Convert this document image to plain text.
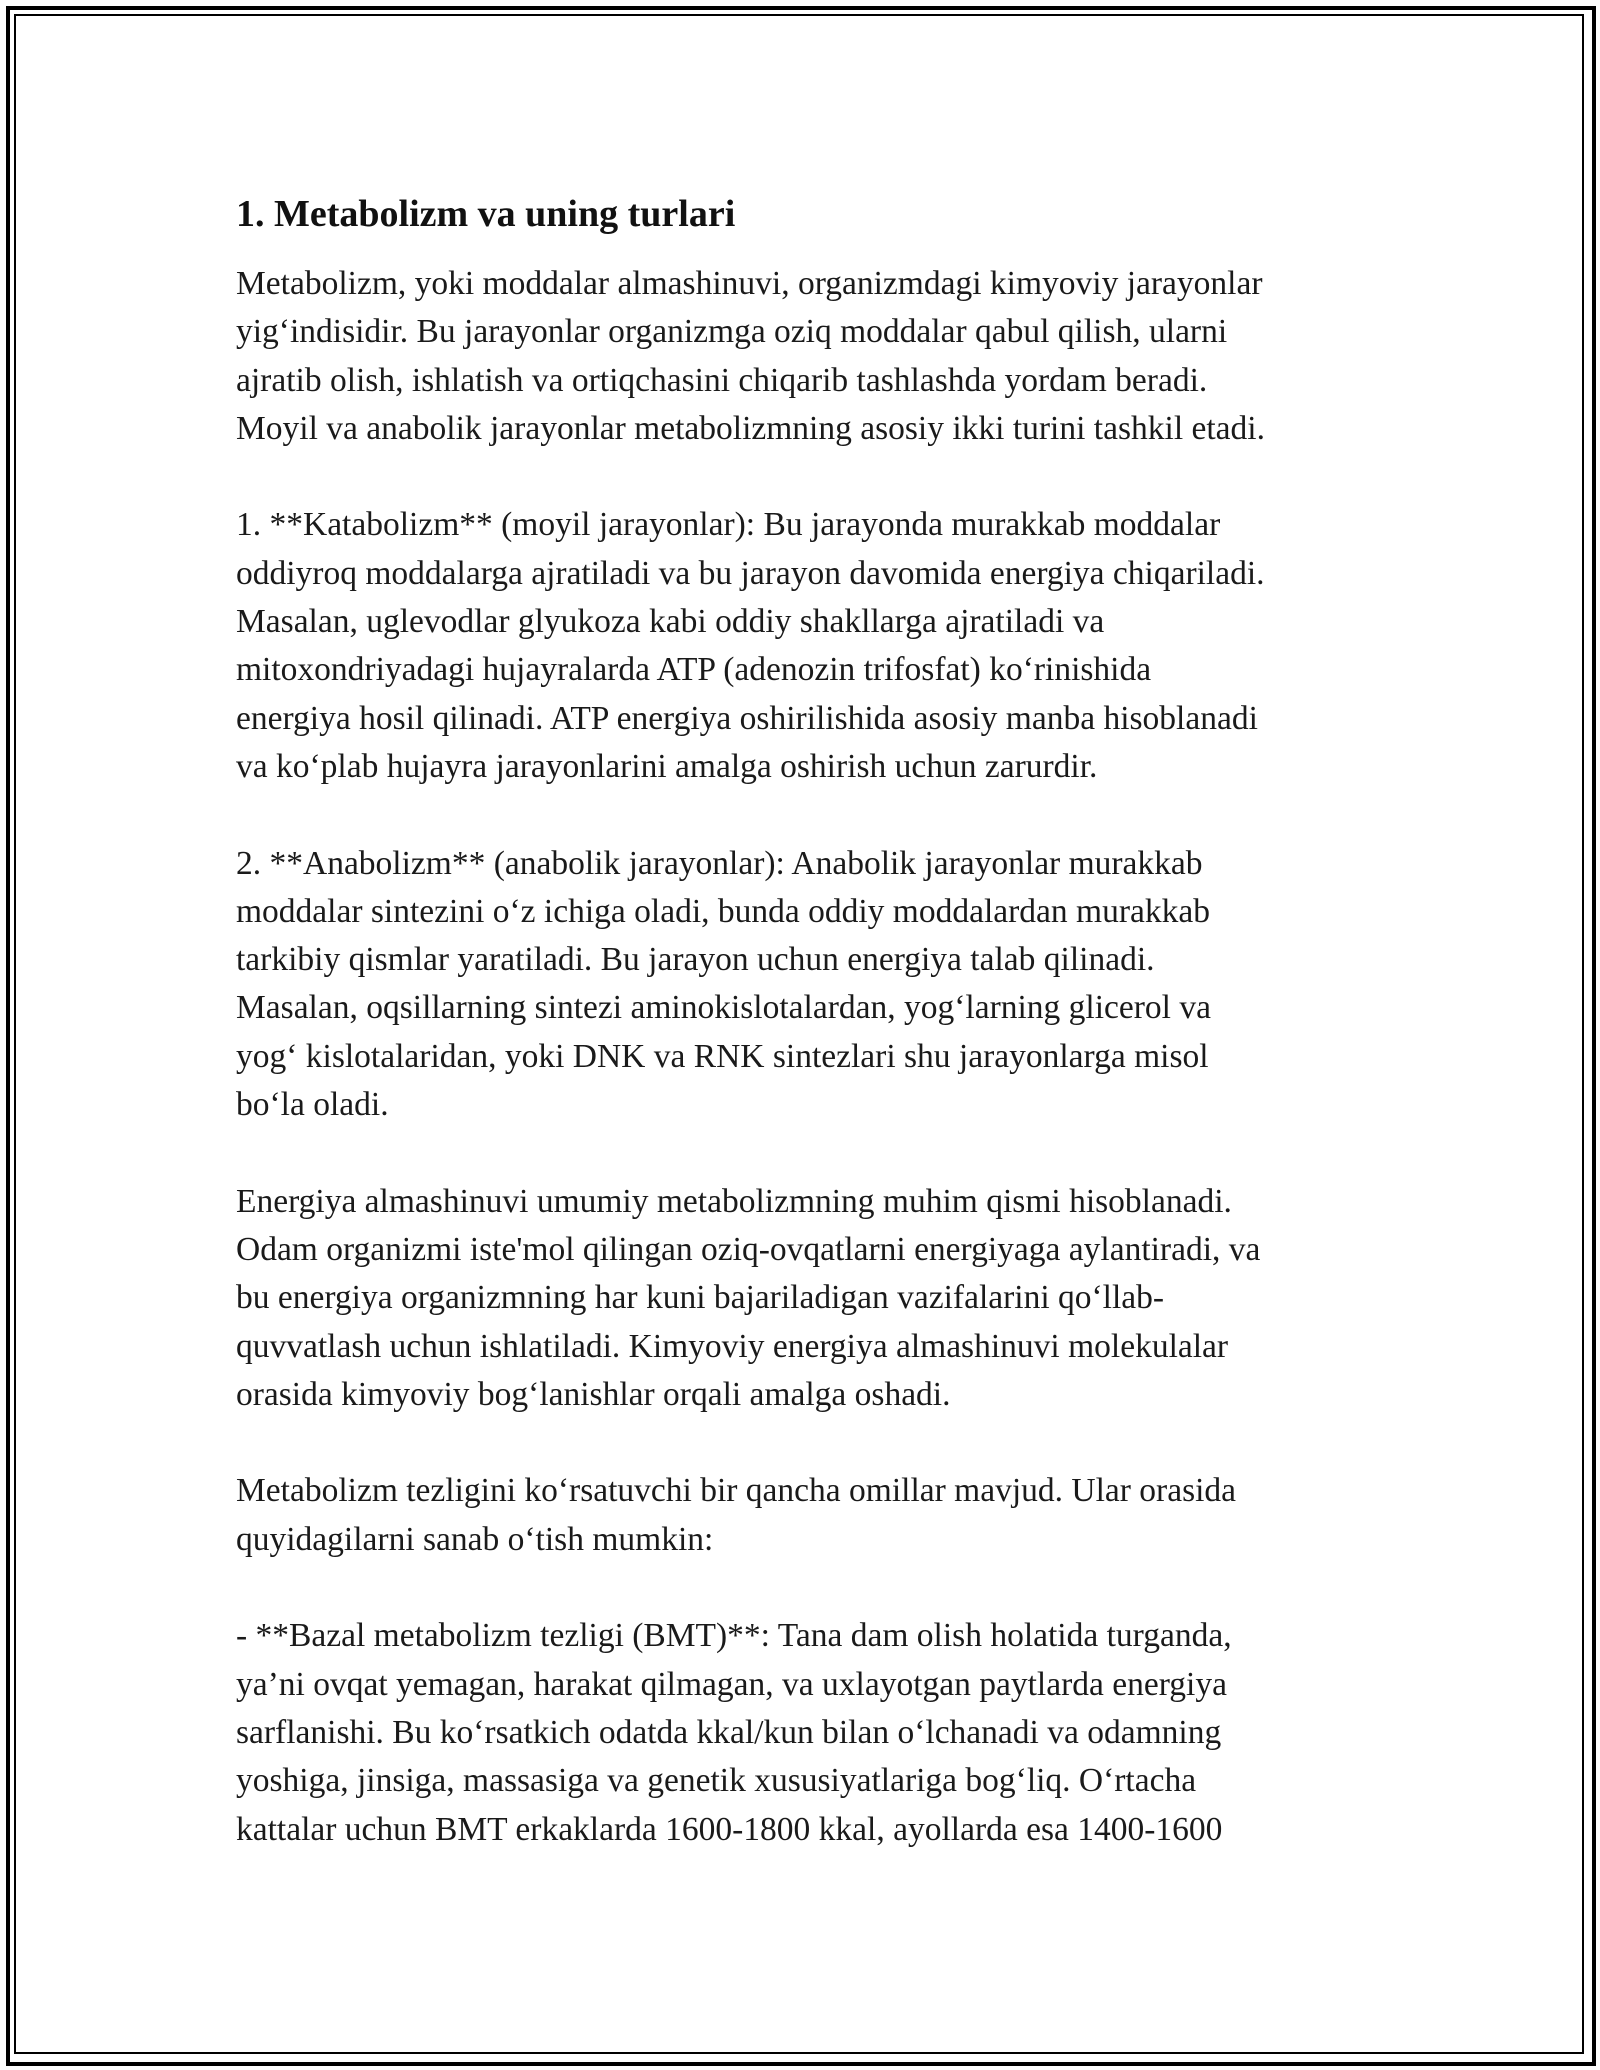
1. Metabolizm va uning turlari

Metabolizm, yoki moddalar almashinuvi, organizmdagi kimyoviy jarayonlar
yig‘indisidir. Bu jarayonlar organizmga oziq moddalar qabul qilish, ularni
ajratib olish, ishlatish va ortiqchasini chiqarib tashlashda yordam beradi.
Moyil va anabolik jarayonlar metabolizmning asosiy ikki turini tashkil etadi.

1. **Katabolizm** (moyil jarayonlar): Bu jarayonda murakkab moddalar
oddiyroq moddalarga ajratiladi va bu jarayon davomida energiya chiqariladi.
Masalan, uglevodlar glyukoza kabi oddiy shakllarga ajratiladi va
mitoxondriyadagi hujayralarda ATP (adenozin trifosfat) ko‘rinishida
energiya hosil qilinadi. ATP energiya oshirilishida asosiy manba hisoblanadi
va ko‘plab hujayra jarayonlarini amalga oshirish uchun zarurdir.

2. **Anabolizm** (anabolik jarayonlar): Anabolik jarayonlar murakkab
moddalar sintezini o‘z ichiga oladi, bunda oddiy moddalardan murakkab
tarkibiy qismlar yaratiladi. Bu jarayon uchun energiya talab qilinadi.
Masalan, oqsillarning sintezi aminokislotalardan, yog‘larning glicerol va
yog‘ kislotalaridan, yoki DNK va RNK sintezlari shu jarayonlarga misol
bo‘la oladi.

Energiya almashinuvi umumiy metabolizmning muhim qismi hisoblanadi.
Odam organizmi iste'mol qilingan oziq-ovqatlarni energiyaga aylantiradi, va
bu energiya organizmning har kuni bajariladigan vazifalarini qo‘llab-
quvvatlash uchun ishlatiladi. Kimyoviy energiya almashinuvi molekulalar
orasida kimyoviy bog‘lanishlar orqali amalga oshadi.

Metabolizm tezligini ko‘rsatuvchi bir qancha omillar mavjud. Ular orasida
quyidagilarni sanab o‘tish mumkin:

- **Bazal metabolizm tezligi (BMT)**: Tana dam olish holatida turganda,
ya’ni ovqat yemagan, harakat qilmagan, va uxlayotgan paytlarda energiya
sarflanishi. Bu ko‘rsatkich odatda kkal/kun bilan o‘lchanadi va odamning
yoshiga, jinsiga, massasiga va genetik xususiyatlariga bog‘liq. O‘rtacha
kattalar uchun BMT erkaklarda 1600-1800 kkal, ayollarda esa 1400-1600
